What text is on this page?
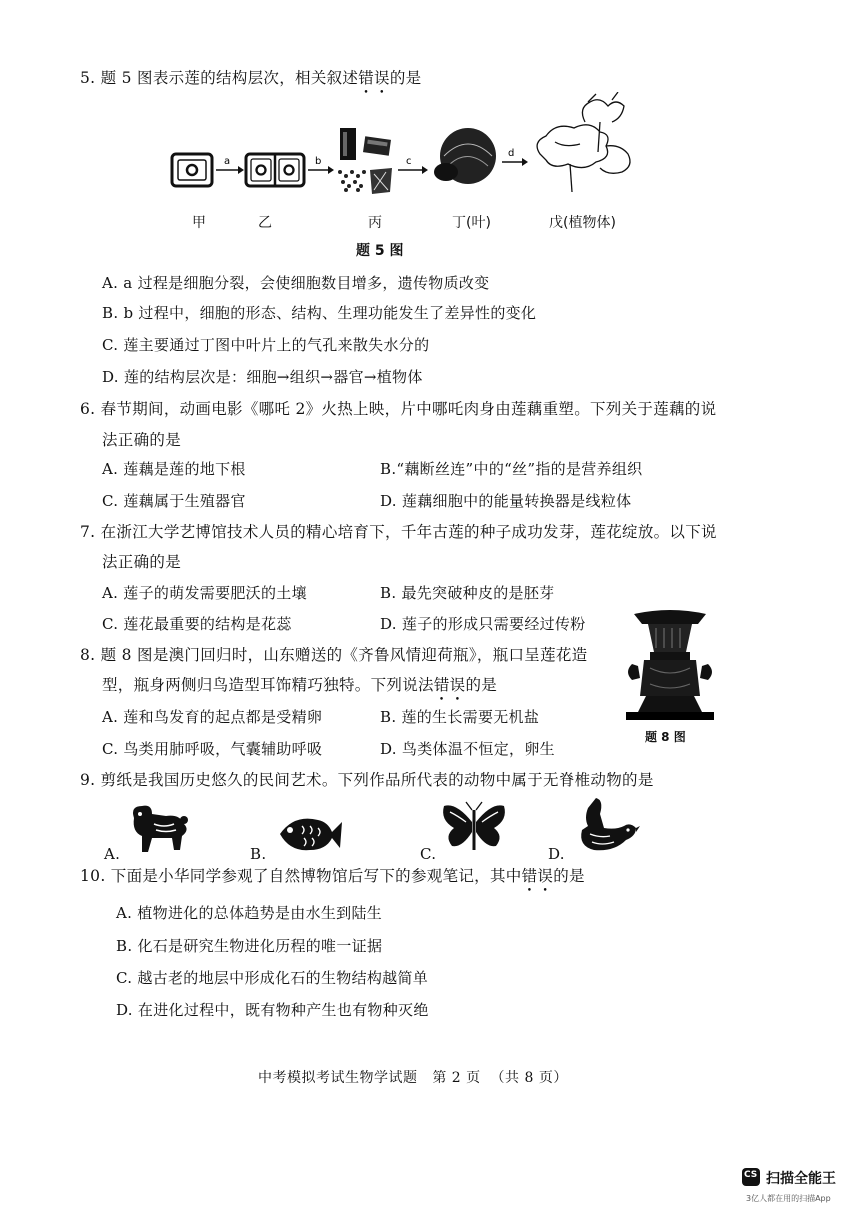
5. 题 5 图表示莲的结构层次，相关叙述错误的是
a	b	c
d
甲	乙	丙	丁(叶)	戊(植物体)
题 5 图
A. a 过程是细胞分裂，会使细胞数目增多，遗传物质改变
B. b 过程中，细胞的形态、结构、生理功能发生了差异性的变化
C. 莲主要通过丁图中叶片上的气孔来散失水分的
D. 莲的结构层次是：细胞→组织→器官→植物体
6. 春节期间，动画电影《哪吒 2》火热上映，片中哪吒肉身由莲藕重塑。下列关于莲藕的说
法正确的是
A. 莲藕是莲的地下根	B.“藕断丝连”中的“丝”指的是营养组织
C. 莲藕属于生殖器官	D. 莲藕细胞中的能量转换器是线粒体
7. 在浙江大学艺博馆技术人员的精心培育下，千年古莲的种子成功发芽，莲花绽放。以下说
法正确的是
A. 莲子的萌发需要肥沃的土壤	B. 最先突破种皮的是胚芽
C. 莲花最重要的结构是花蕊	D. 莲子的形成只需要经过传粉
8. 题 8 图是澳门回归时，山东赠送的《齐鲁风情迎荷瓶》，瓶口呈莲花造
型，瓶身两侧归鸟造型耳饰精巧独特。下列说法错误的是
A. 莲和鸟发育的起点都是受精卵	B. 莲的生长需要无机盐
C. 鸟类用肺呼吸，气囊辅助呼吸	D. 鸟类体温不恒定，卵生
题 8 图
9. 剪纸是我国历史悠久的民间艺术。下列作品所代表的动物中属于无脊椎动物的是
A.	B.	C.	D.
10. 下面是小华同学参观了自然博物馆后写下的参观笔记，其中错误的是
A. 植物进化的总体趋势是由水生到陆生
B. 化石是研究生物进化历程的唯一证据
C. 越古老的地层中形成化石的生物结构越简单
D. 在进化过程中，既有物种产生也有物种灭绝
中考模拟考试生物学试题   第 2 页  （共 8 页）
CS 扫描全能王
3亿人都在用的扫描App
